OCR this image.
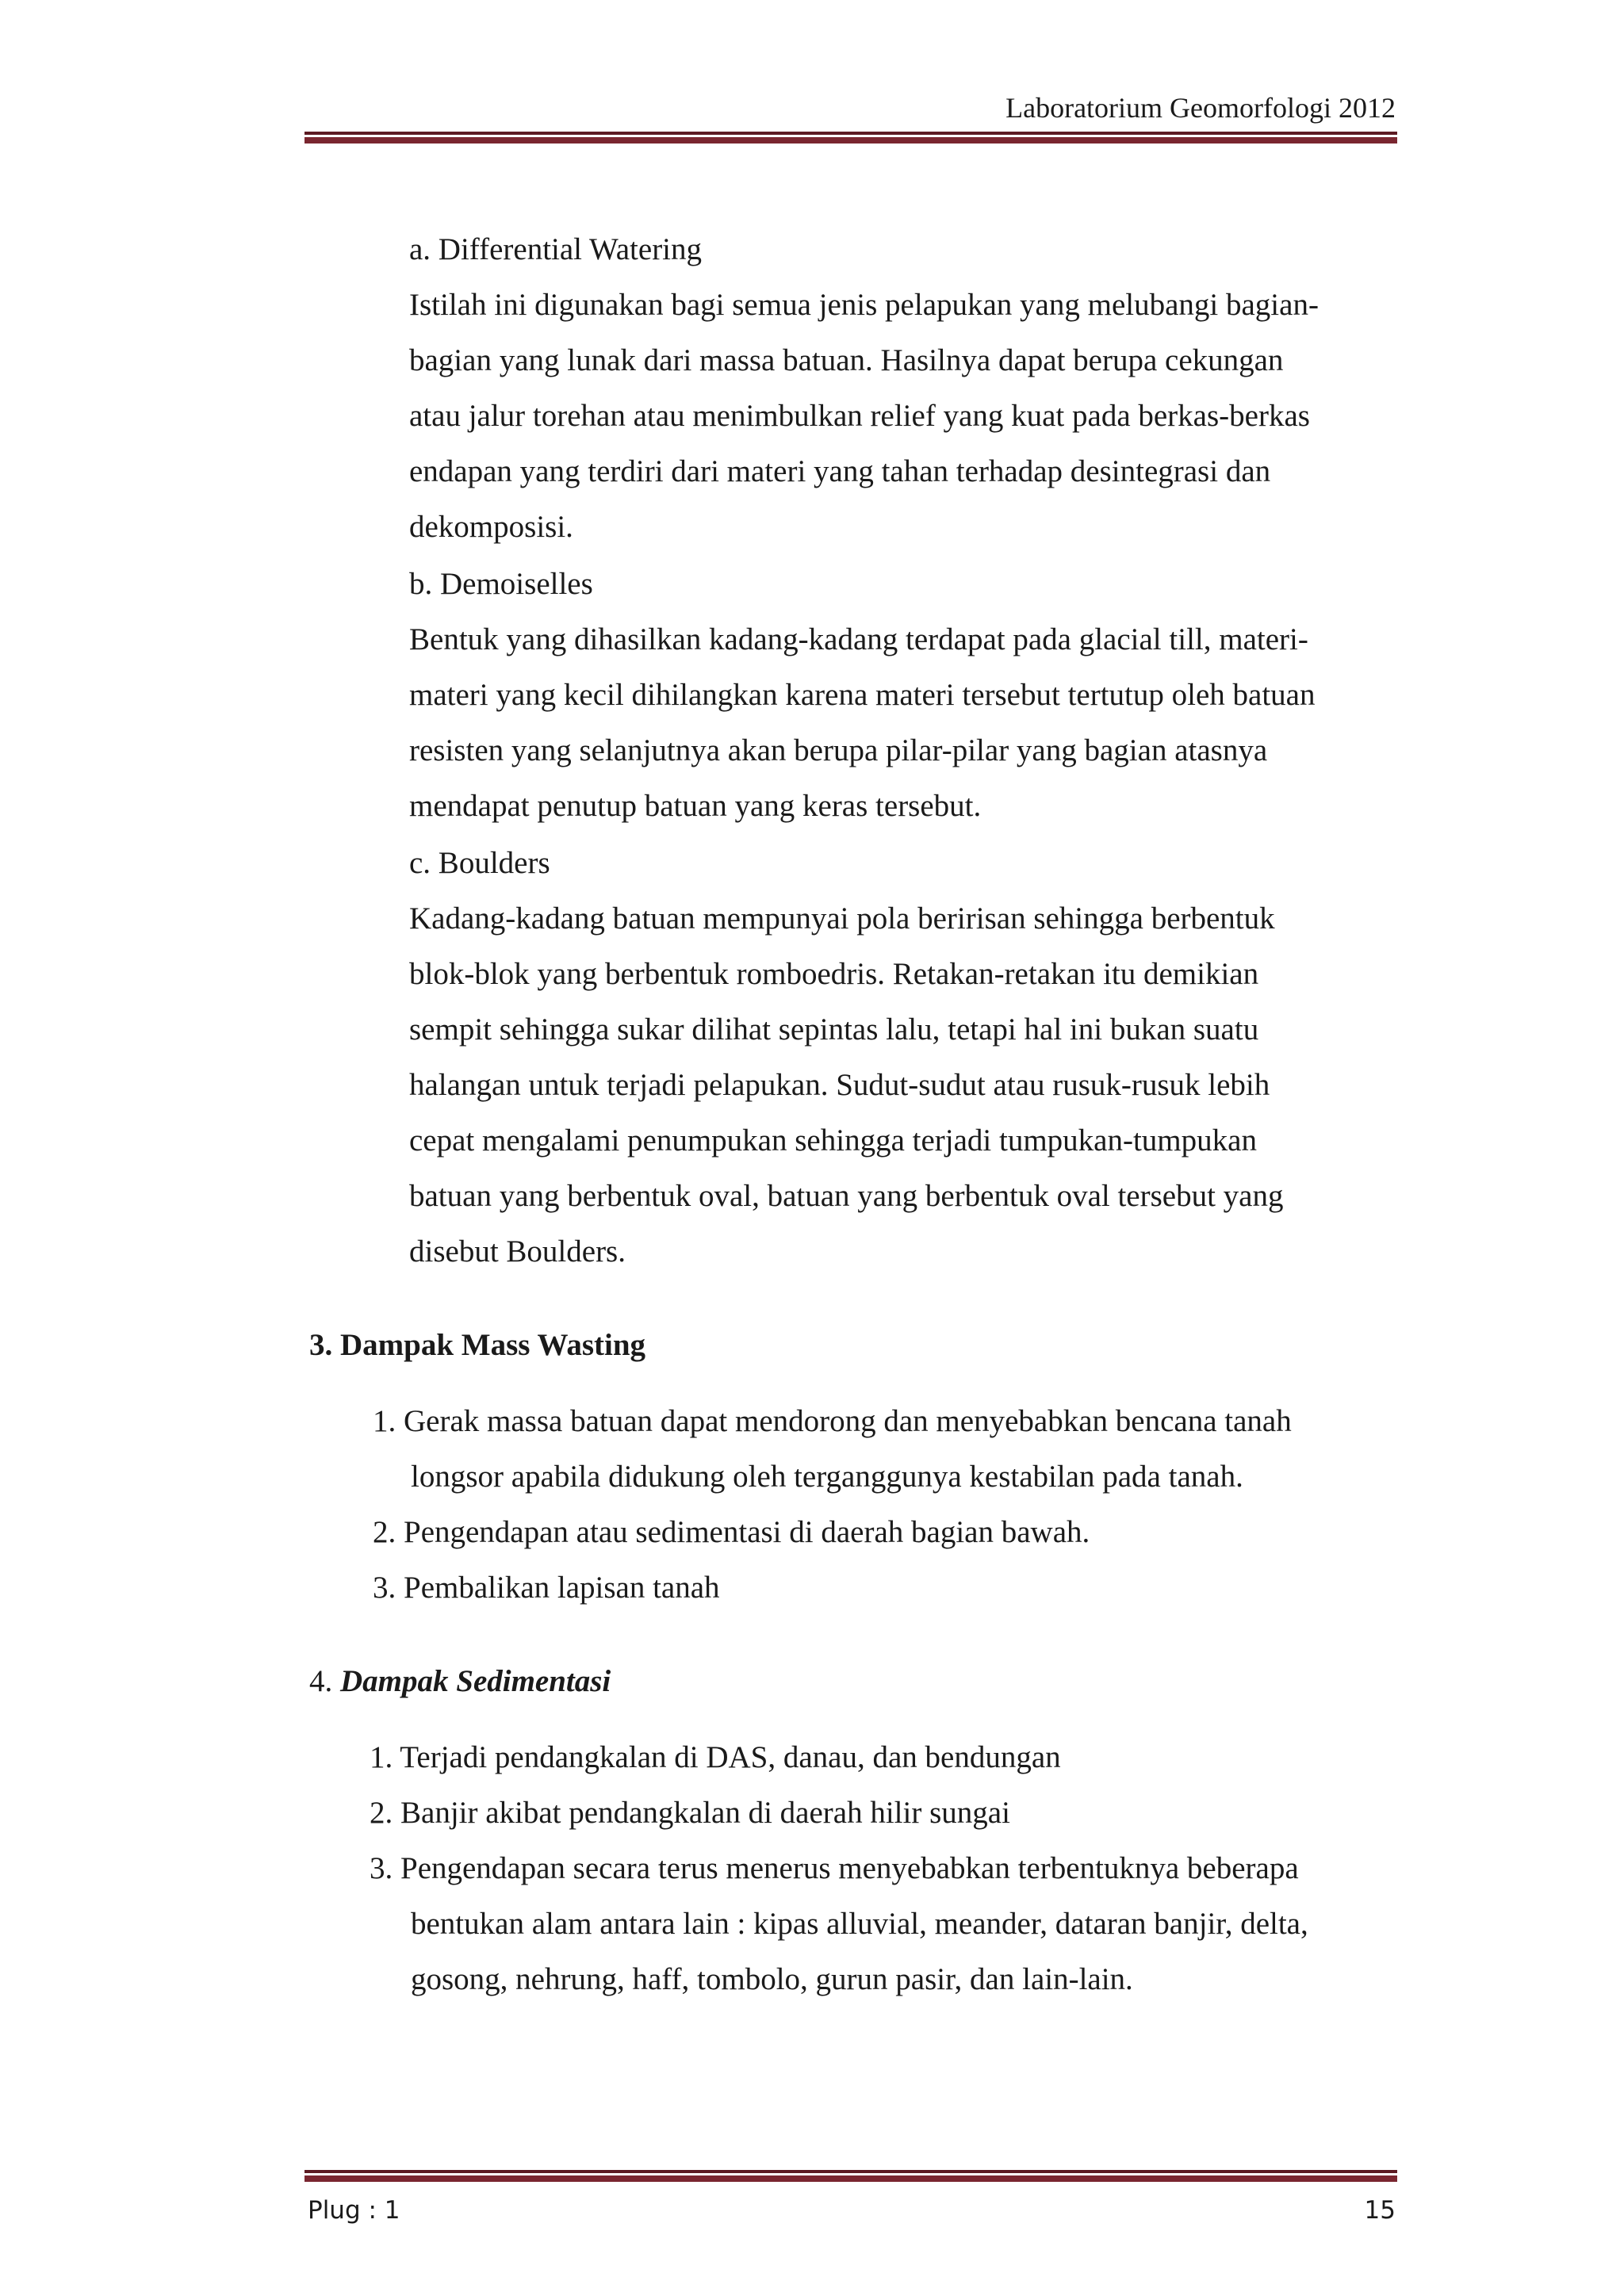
Laboratorium Geomorfologi 2012
a. Differential Watering
Istilah ini digunakan bagi semua jenis pelapukan yang melubangi bagian-
bagian yang lunak dari massa batuan. Hasilnya dapat berupa cekungan
atau jalur torehan atau menimbulkan relief yang kuat pada berkas-berkas
endapan yang terdiri dari materi yang tahan terhadap desintegrasi dan
dekomposisi.
b. Demoiselles
Bentuk yang dihasilkan kadang-kadang terdapat pada glacial till, materi-
materi yang kecil dihilangkan karena materi tersebut tertutup oleh batuan
resisten yang selanjutnya akan berupa pilar-pilar yang bagian atasnya
mendapat penutup batuan yang keras tersebut.
c. Boulders
Kadang-kadang batuan mempunyai pola beririsan sehingga berbentuk
blok-blok yang berbentuk romboedris. Retakan-retakan itu demikian
sempit sehingga sukar dilihat sepintas lalu, tetapi hal ini bukan suatu
halangan untuk terjadi pelapukan. Sudut-sudut atau rusuk-rusuk lebih
cepat mengalami penumpukan sehingga terjadi tumpukan-tumpukan
batuan yang berbentuk oval, batuan yang berbentuk oval tersebut yang
disebut Boulders.
3. Dampak Mass Wasting
1. Gerak massa batuan dapat mendorong dan menyebabkan bencana tanah
longsor apabila didukung oleh terganggunya kestabilan pada tanah.
2. Pengendapan atau sedimentasi di daerah bagian bawah.
3. Pembalikan lapisan tanah
4. Dampak Sedimentasi
1. Terjadi pendangkalan di DAS, danau, dan bendungan
2. Banjir akibat pendangkalan di daerah hilir sungai
3. Pengendapan secara terus menerus menyebabkan terbentuknya beberapa
bentukan alam antara lain : kipas alluvial, meander, dataran banjir, delta,
gosong, nehrung, haff, tombolo, gurun pasir, dan lain-lain.
Plug : 1	15
